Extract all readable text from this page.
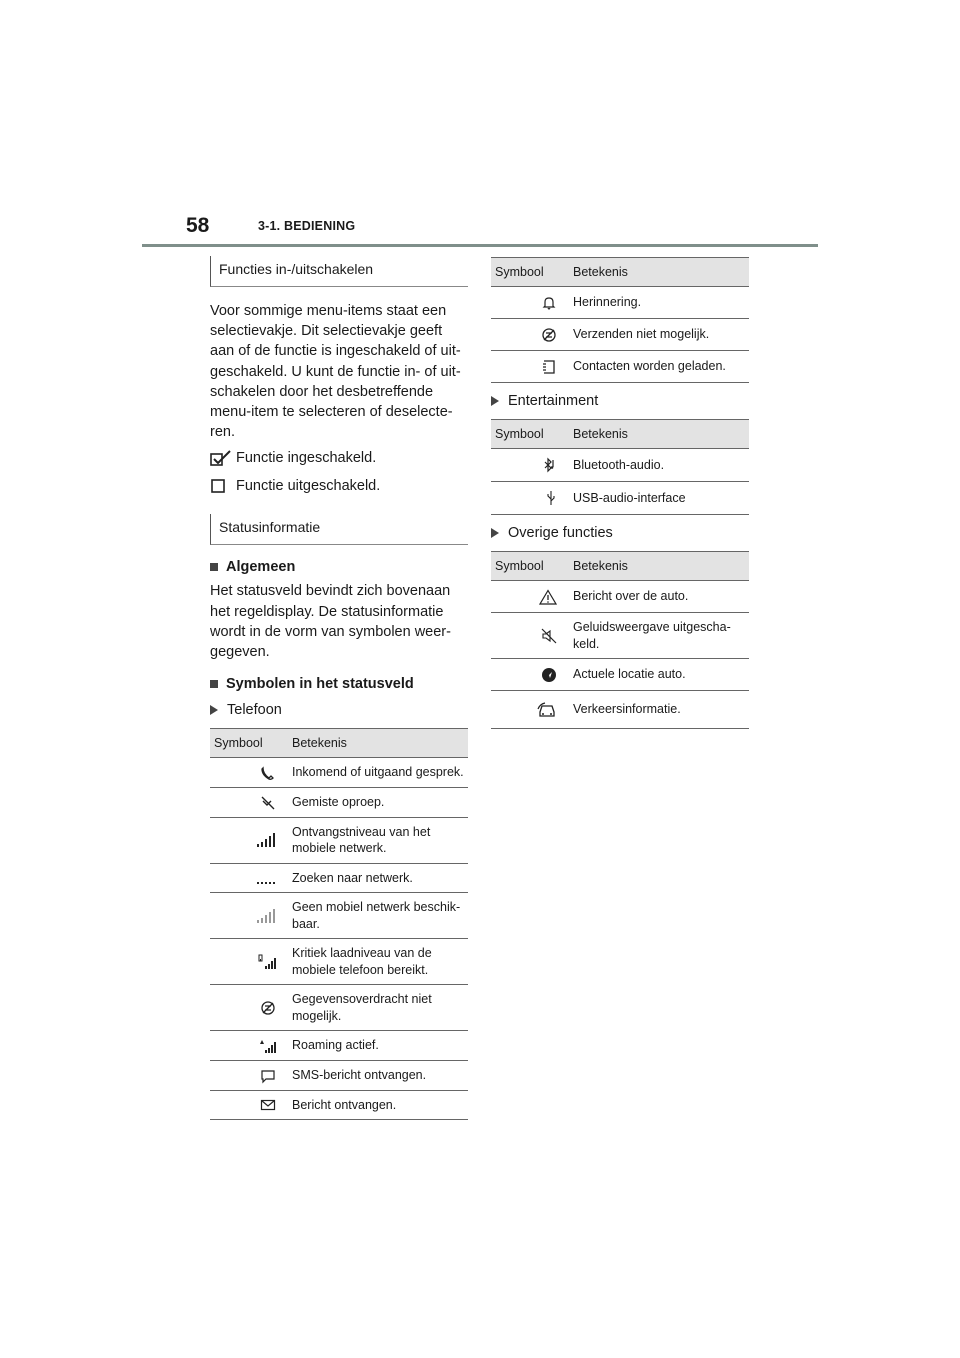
58	3-1. BEDIENING
Functies in-/uitschakelen

Voor sommige menu-items staat een selectievakje. Dit selectievakje geeft aan of de functie is ingeschakeld of uit-geschakeld. U kunt de functie in- of uit-schakelen door het desbetreffende menu-item te selecteren of deselecte-ren.

Functie ingeschakeld.
Functie uitgeschakeld.
Statusinformatie
Algemeen

Het statusveld bevindt zich bovenaan het regeldisplay. De statusinformatie wordt in de vorm van symbolen weer-gegeven.

Symbolen in het statusveld
Telefoon
Symbool	Betekenis
	Inkomend of uitgaand gesprek.
	Gemiste oproep.
	Ontvangstniveau van het mobiele netwerk.
	Zoeken naar netwerk.
	Geen mobiel netwerk beschik-baar.
	Kritiek laadniveau van de mobiele telefoon bereikt.
	Gegevensoverdracht niet mogelijk.
	Roaming actief.
	SMS-bericht ontvangen.
	Bericht ontvangen.
Symbool	Betekenis
	Herinnering.
	Verzenden niet mogelijk.
	Contacten worden geladen.
Entertainment
Symbool	Betekenis
	Bluetooth-audio.
	USB-audio-interface
Overige functies
Symbool	Betekenis
	Bericht over de auto.
	Geluidsweergave uitgescha-keld.
	Actuele locatie auto.
	Verkeersinformatie.
